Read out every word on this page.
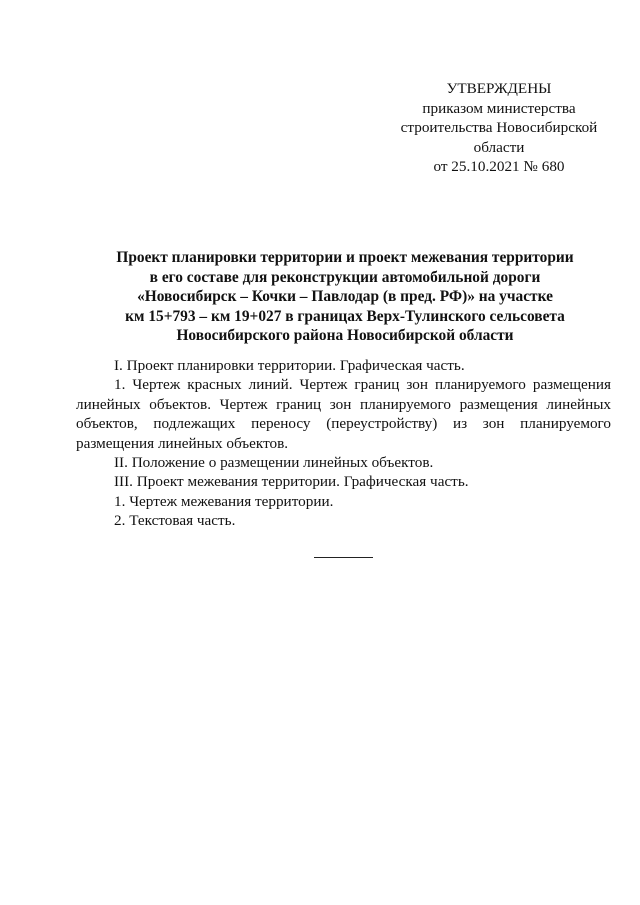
УТВЕРЖДЕНЫ
приказом министерства
строительства Новосибирской
области
от 25.10.2021 № 680
Проект планировки территории и проект межевания территории
в его составе для реконструкции автомобильной дороги
«Новосибирск – Кочки – Павлодар (в пред. РФ)» на участке
км 15+793 – км 19+027 в границах Верх-Тулинского сельсовета
Новосибирского района Новосибирской области

I. Проект планировки территории. Графическая часть.

1. Чертеж красных линий. Чертеж границ зон планируемого размещения линейных объектов. Чертеж границ зон планируемого размещения линейных объектов, подлежащих переносу (переустройству) из зон планируемого размещения линейных объектов.

II. Положение о размещении линейных объектов.

III. Проект межевания территории. Графическая часть.

1. Чертеж межевания территории.

2. Текстовая часть.
